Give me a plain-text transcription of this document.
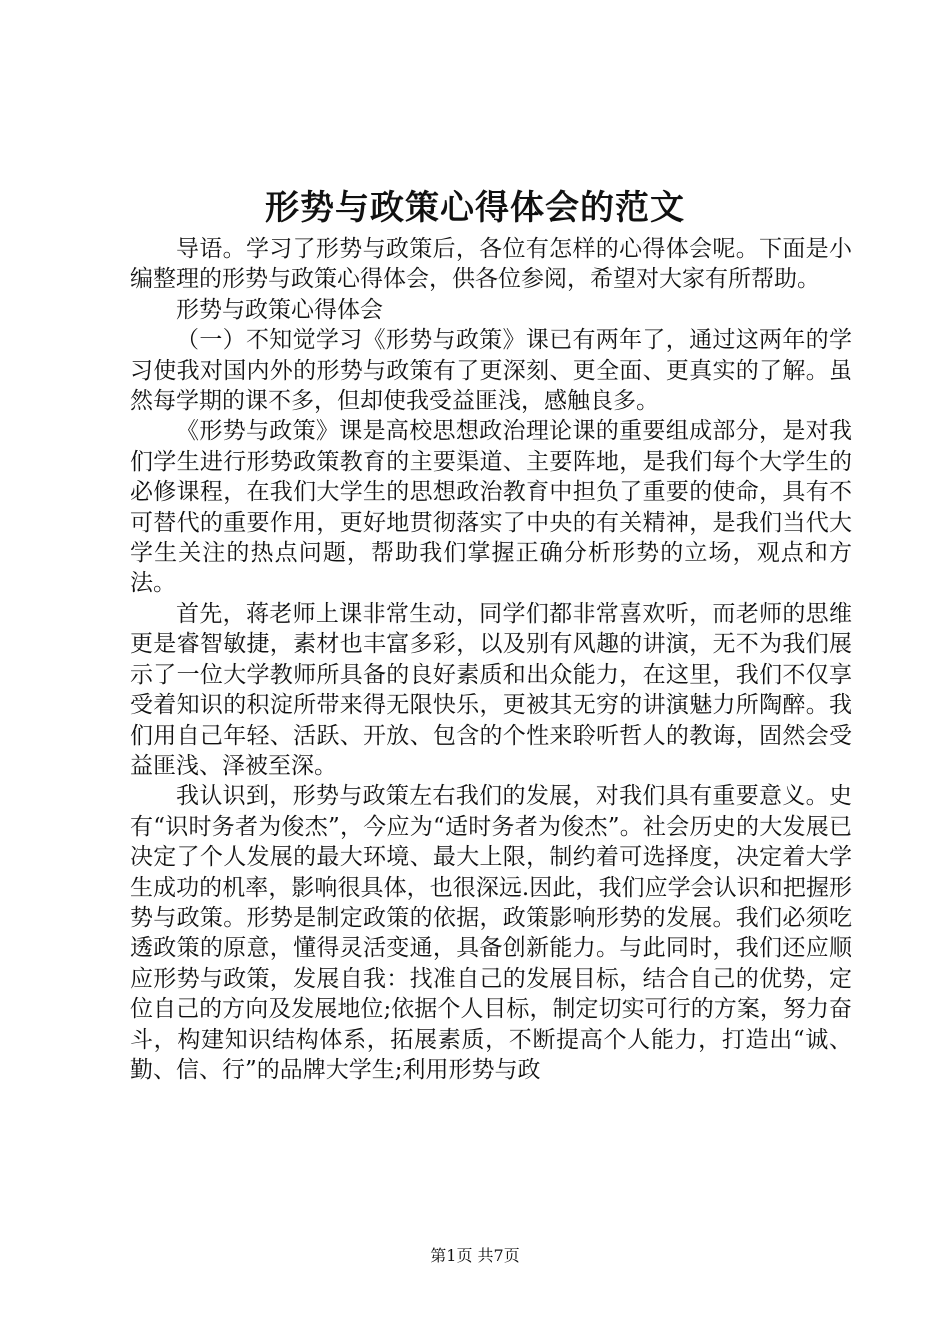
形势与政策心得体会的范文

导语。学习了形势与政策后，各位有怎样的心得体会呢。下面是小编整理的形势与政策心得体会，供各位参阅，希望对大家有所帮助。

形势与政策心得体会

（一）不知觉学习《形势与政策》课已有两年了，通过这两年的学习使我对国内外的形势与政策有了更深刻、更全面、更真实的了解。虽然每学期的课不多，但却使我受益匪浅，感触良多。

《形势与政策》课是高校思想政治理论课的重要组成部分，是对我们学生进行形势政策教育的主要渠道、主要阵地，是我们每个大学生的必修课程，在我们大学生的思想政治教育中担负了重要的使命，具有不可替代的重要作用，更好地贯彻落实了中央的有关精神，是我们当代大学生关注的热点问题，帮助我们掌握正确分析形势的立场，观点和方法。

首先，蒋老师上课非常生动，同学们都非常喜欢听，而老师的思维更是睿智敏捷，素材也丰富多彩，以及别有风趣的讲演，无不为我们展示了一位大学教师所具备的良好素质和出众能力，在这里，我们不仅享受着知识的积淀所带来得无限快乐，更被其无穷的讲演魅力所陶醉。我们用自己年轻、活跃、开放、包含的个性来聆听哲人的教诲，固然会受益匪浅、泽被至深。

我认识到，形势与政策左右我们的发展，对我们具有重要意义。史有“识时务者为俊杰”，今应为“适时务者为俊杰”。社会历史的大发展已决定了个人发展的最大环境、最大上限，制约着可选择度，决定着大学生成功的机率，影响很具体，也很深远.因此，我们应学会认识和把握形势与政策。形势是制定政策的依据，政策影响形势的发展。我们必须吃透政策的原意，懂得灵活变通，具备创新能力。与此同时，我们还应顺应形势与政策，发展自我：找准自己的发展目标，结合自己的优势，定位自己的方向及发展地位;依据个人目标，制定切实可行的方案，努力奋斗，构建知识结构体系，拓展素质，不断提高个人能力，打造出“诚、勤、信、行”的品牌大学生;利用形势与政

第1页 共7页
